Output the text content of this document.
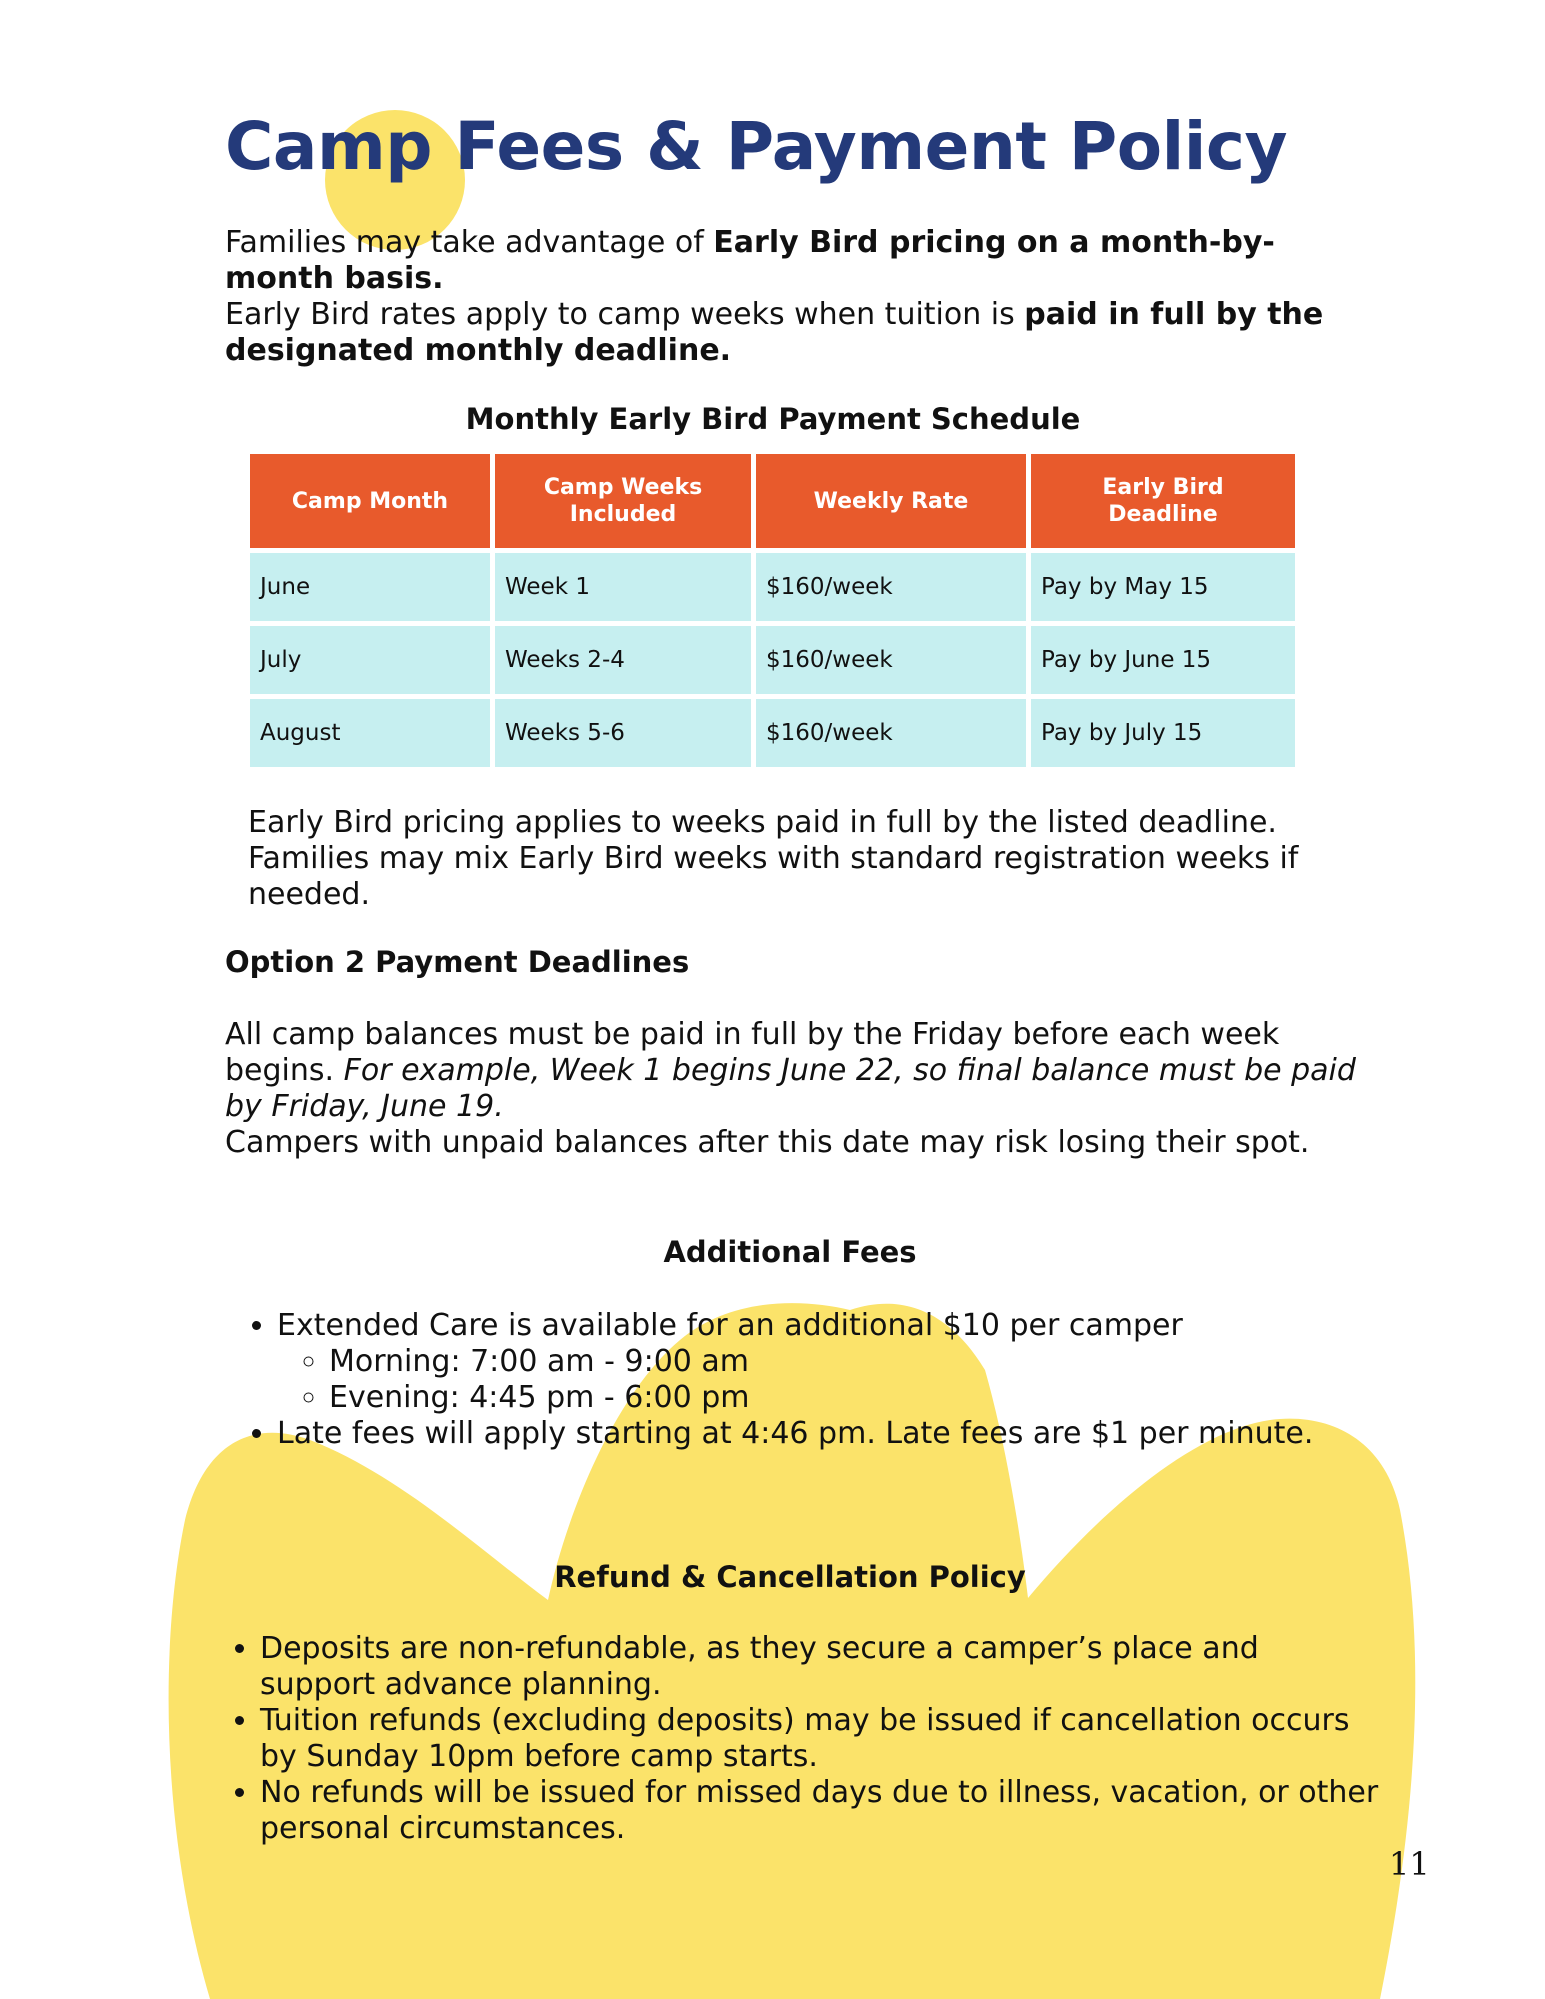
Camp Fees & Payment Policy

Families may take advantage of Early Bird pricing on a month-by-month basis.
Early Bird rates apply to camp weeks when tuition is paid in full by the designated monthly deadline.

Monthly Early Bird Payment Schedule
Camp Month	Camp Weeks Included	Weekly Rate	Early Bird Deadline
June	Week 1	$160/week	Pay by May 15
July	Weeks 2-4	$160/week	Pay by June 15
August	Weeks 5-6	$160/week	Pay by July 15

Early Bird pricing applies to weeks paid in full by the listed deadline. Families may mix Early Bird weeks with standard registration weeks if needed.

Option 2 Payment Deadlines

All camp balances must be paid in full by the Friday before each week begins. For example, Week 1 begins June 22, so final balance must be paid by Friday, June 19.
Campers with unpaid balances after this date may risk losing their spot.

Additional Fees
• Extended Care is available for an additional $10 per camper
◦ Morning: 7:00 am - 9:00 am
◦ Evening: 4:45 pm - 6:00 pm
• Late fees will apply starting at 4:46 pm. Late fees are $1 per minute.
Refund & Cancellation Policy
• Deposits are non-refundable, as they secure a camper’s place and support advance planning.
• Tuition refunds (excluding deposits) may be issued if cancellation occurs by Sunday 10pm before camp starts.
• No refunds will be issued for missed days due to illness, vacation, or other personal circumstances.

11
